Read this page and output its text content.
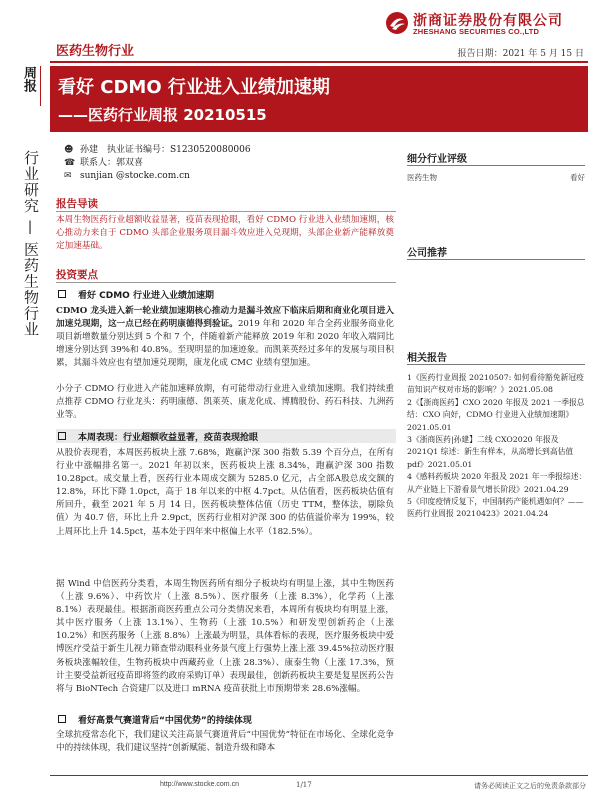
浙商证券股份有限公司
ZHESHANG SECURITIES CO.,LTD
医药生物行业	报告日期：2021 年 5 月 15 日
周报
行业研究 — 医药生物行业
看好 CDMO 行业进入业绩加速期
——医药行业周报 20210515
☻ 孙建　执业证书编号：S1230520080006
☎ 联系人：郭双喜
✉ sunjian @stocke.com.cn
报告导读
本周生物医药行业超额收益显著，疫苗表现抢眼，看好 CDMO 行业进入业绩加速期，核心推动力来自于 CDMO 头部企业服务项目漏斗效应进入兑现期，头部企业新产能释放奠定加速基础。
投资要点
看好 CDMO 行业进入业绩加速期
CDMO 龙头进入新一轮业绩加速期核心推动力是漏斗效应下临床后期和商业化项目进入加速兑现期，这一点已经在药明康德得到验证。2019 年和 2020 年合全药业服务商业化项目新增数量分别达到 5 个和 7 个，伴随着新产能释放 2019 年和 2020 年收入端同比增速分别达到 39%和 40.8%。至现明显的加速迹象。而凯莱英经过多年的发展与项目积累，其漏斗效应也有望加速兑现期，康龙化成 CMC 业绩有望加速。
小分子 CDMO 行业进入产能加速释放期，有可能带动行业进入业绩加速期。我们持续重点推荐 CDMO 行业龙头：药明康德、凯莱英、康龙化成、博腾股份、药石科技、九洲药业等。
本周表现：行业超额收益显著，疫苗表现抢眼
从股价表现看，本周医药板块上涨 7.68%，跑赢沪深 300 指数 5.39 个百分点，在所有行业中涨幅排名第一。2021 年初以来，医药板块上涨 8.34%，跑赢沪深 300 指数 10.28pct。成交量上看，医药行业本周成交额为 5285.0 亿元，占全部A股总成交额的 12.8%，环比下降 1.0pct，高于 18 年以来的中枢 4.7pct。从估值看，医药板块估值有所回升，截至 2021 年 5 月 14 日，医药板块整体估值（历史 TTM，整体法，剔除负值）为 40.7 倍，环比上升 2.9pct，医药行业相对沪深 300 的估值溢价率为 199%，较上周环比上升 14.5pct，基本处于四年来中枢偏上水平（182.5%）。
据 Wind 中信医药分类看，本周生物医药所有细分子板块均有明显上涨，其中生物医药（上涨 9.6%）、中药饮片（上涨 8.5%）、医疗服务（上涨 8.3%），化学药（上涨 8.1%）表现最佳。根据浙商医药重点公司分类情况来看，本周所有板块均有明显上涨，其中医疗服务（上涨 13.1%）、生物药（上涨 10.5%）和研发型创新药企（上涨 10.2%）和医药服务（上涨 8.8%）上涨最为明显，具体看标的表现，医疗服务板块中爱博医疗受益于新生儿视力筛查带动眼科业务景气度上行强势上涨上涨 39.45%拉动医疗服务板块涨幅较佳，生物药板块中西藏药业（上涨 28.3%）、康泰生物（上涨 17.3%，预计主要受益新冠疫苗即将签约政府采购订单）表现最佳，创新药板块主要是复星医药公告将与 BioNTech 合资建厂以及进口 mRNA 疫苗获批上市预期带来 28.6%涨幅。
看好高景气赛道背后“中国优势”的持续体现
全球抗疫常态化下，我们建议关注高景气赛道背后“中国优势”特征在市场化、全球化竞争中的持续体现，我们建议坚持“创新赋能、制造升级和降本
细分行业评级
医药生物	看好
公司推荐
相关报告
1《医药行业周报 20210507: 如何看待豁免新冠疫苗知识产权对市场的影响？》2021.05.08
2《【浙商医药】CXO 2020 年报及 2021 一季报总结：CXO 向好，CDMO 行业进入业绩加速期》2021.05.01
3《浙商医药|孙建】二线 CXO2020 年报及 2021Q1 综述：新生有样本，从高增长到高估值 pdf》2021.05.01
4《感料药板块 2020 年报及 2021 年一季报综述：从产业链上下游看景气增长阶段》2021.04.29
5《印度疫情反复下，中国制药产能机遇如何？——医药行业周报 20210423》2021.04.24
http://www.stocke.com.cn	1/17	请务必阅读正文之后的免责条款部分
